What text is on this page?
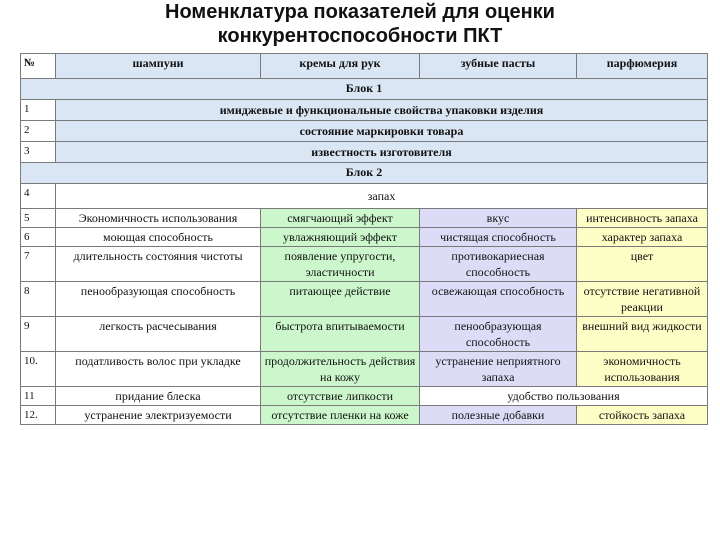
Номенклатура показателей для оценки
конкурентоспособности ПКТ
№	шампуни	кремы для рук	зубные пасты	парфюмерия
Блок 1				
1	имиджевые и функциональные свойства упаковки изделия			
2	состояние маркировки товара			
3	известность изготовителя			
Блок 2				
4	запах			
5	Экономичность использования	смягчающий эффект	вкус	интенсивность запаха
6	моющая способность	увлажняющий эффект	чистящая способность	характер запаха
7	длительность состояния чистоты	появление упругости, эластичности	противокариесная способность	цвет
8	пенообразующая способность	питающее действие	освежающая способность	отсутствие негативной реакции
9	легкость расчесывания	быстрота впитываемости	пенообразующая способность	внешний вид жидкости
10.	податливость волос при укладке	продолжительность действия на кожу	устранение неприятного запаха	экономичность использования
11	придание блеска	отсутствие липкости	удобство пользования	
12.	устранение электризуемости	отсутствие пленки на коже	полезные добавки	стойкость запаха
